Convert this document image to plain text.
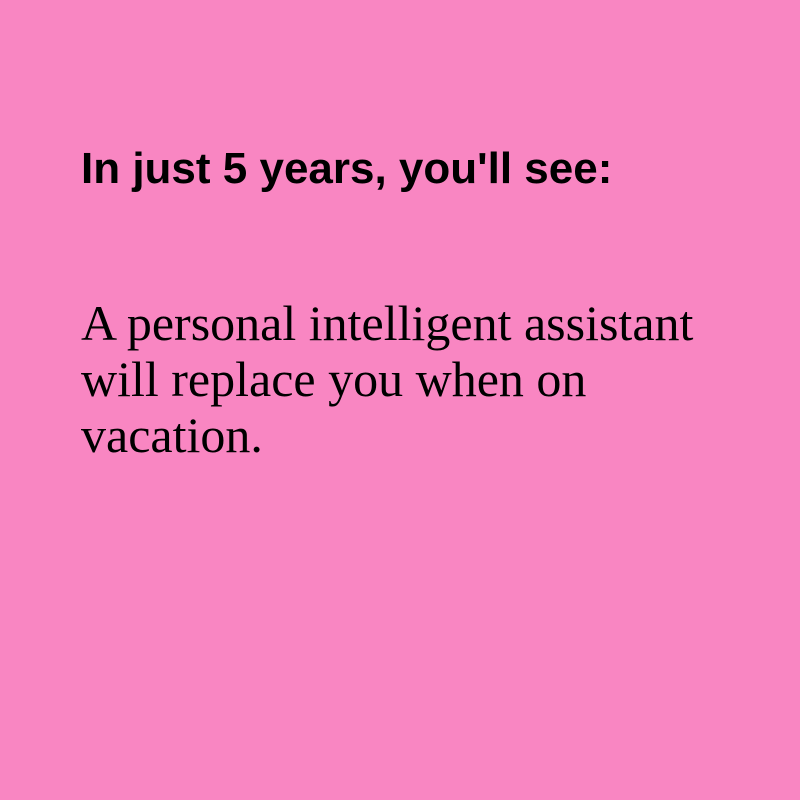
In just 5 years, you'll see:

A personal intelligent assistant will replace you when on vacation.
